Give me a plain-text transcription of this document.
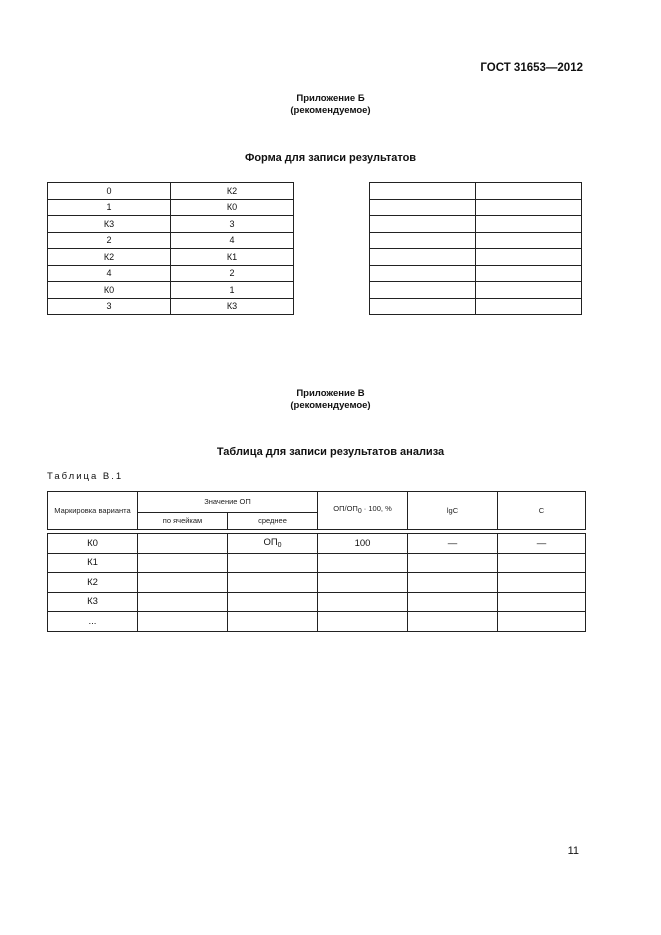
ГОСТ 31653—2012
Приложение Б
(рекомендуемое)
Форма для записи результатов
0	К2
1	К0
К3	3
2	4
К2	К1
4	2
К0	1
3	К3

Приложение В
(рекомендуемое)
Таблица для записи результатов анализа
Таблица В.1
Маркировка варианта	Значение ОП		ОП/ОП0 · 100, %	lgC	С
	по ячейкам	среднее			

К0		$ОП_0$	100	—	—
К1					
К2					
К3					
...					
11
